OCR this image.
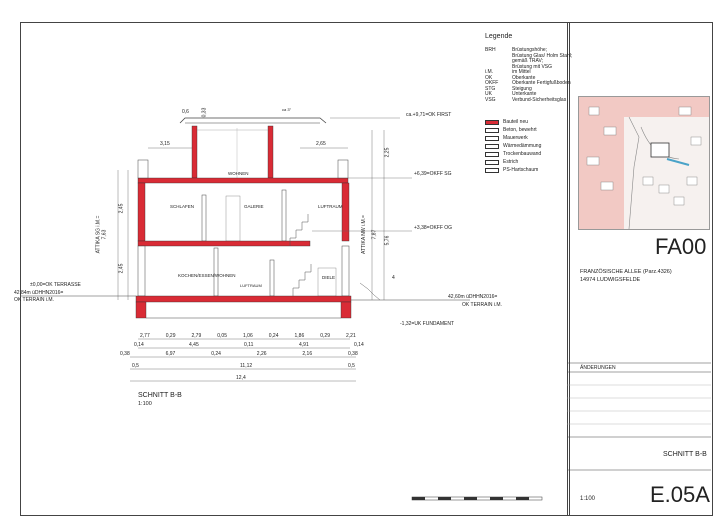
Legende
BRH	Brüstungshöhe;
Brüstung Glas/ Holm Stahl;
gemäß TRAV;
Brüstung mit VSG
i.M.	im Mittel
OK	Oberkante
OKFF	Oberkante Fertigfußboden
STG	Steigung
UK	Unterkante
VSG	Verbund-Sicherheitsglas
Bauteil neu
Beton, bewehrt
Mauerwerk
Wärmedämmung
Trockenbauwand
Estrich
PS-Hartschaum
ca.+9,71=OK FIRST
+6,39=OKFF SG
+3,38=OKFF OG
±0,00=OK TERRASSE
42,84m üDHHN2016=
OK TERRAIN i.M.	42,60m üDHHN2016=
OK TERRAIN i.M.
-1,32=UK FUNDAMENT
WOHNEN
SCHLAFEN	GALERIE	LUFTRAUM
KOCHEN/ESSEN/WOHNEN	DIELE
LUFTRAUM
ATTIKA SG i.M.= 7,63	ATTIKA NW i.M.= 7,87
2,45
2,45
5,76
2,25
3,15	2,65
ca 3°
0,6 0,33
4
2,77	0,29	2,79	0,05	1,06	0,24	1,86	0,29	2,21
0,14	4,45	0,11	4,91	0,14
0,38	6,97	0,24	2,26	2,16	0,38
0,5	11,12	0,5
12,4
SCHNITT B-B
1:100
FA00
FRANZÖSISCHE ALLEE (Parz.4326)
14974 LUDWIGSFELDE
ÄNDERUNGEN
SCHNITT B-B
1:100 E.05A
